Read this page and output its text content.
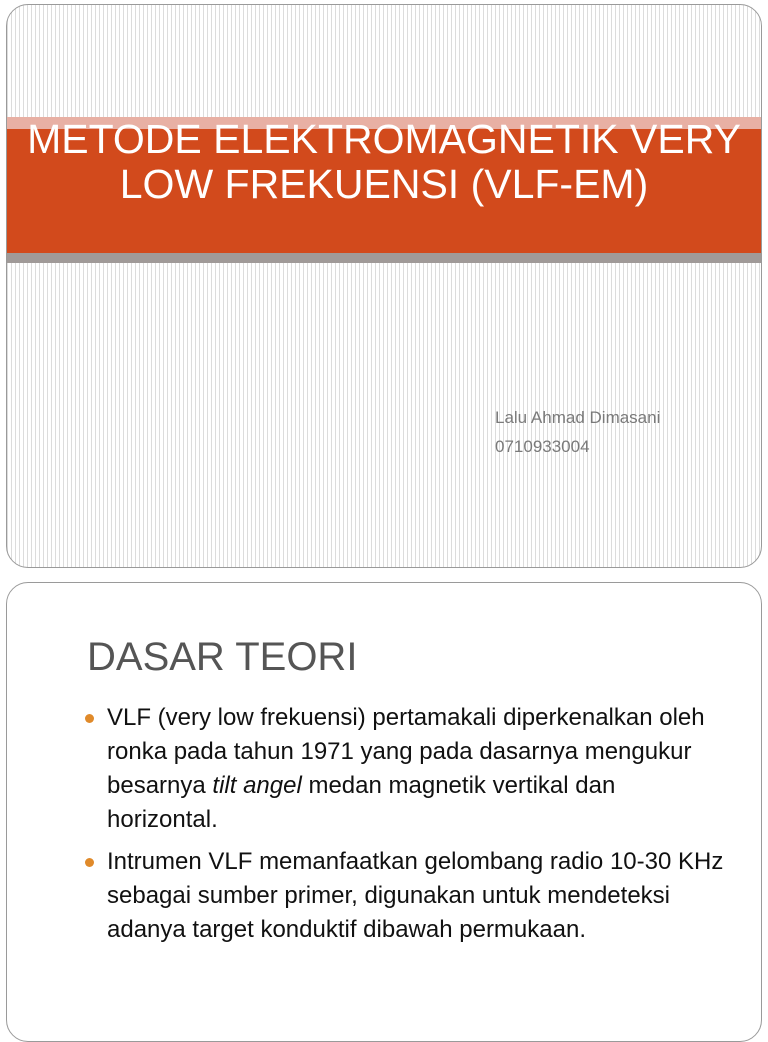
METODE ELEKTROMAGNETIK VERY LOW FREKUENSI (VLF-EM)
Lalu Ahmad Dimasani
0710933004
DASAR TEORI
VLF (very low frekuensi) pertamakali diperkenalkan oleh ronka pada tahun 1971 yang pada dasarnya mengukur besarnya tilt angel medan magnetik vertikal dan horizontal.
Intrumen VLF memanfaatkan gelombang radio 10-30 KHz sebagai sumber primer, digunakan untuk mendeteksi adanya target konduktif dibawah permukaan.
